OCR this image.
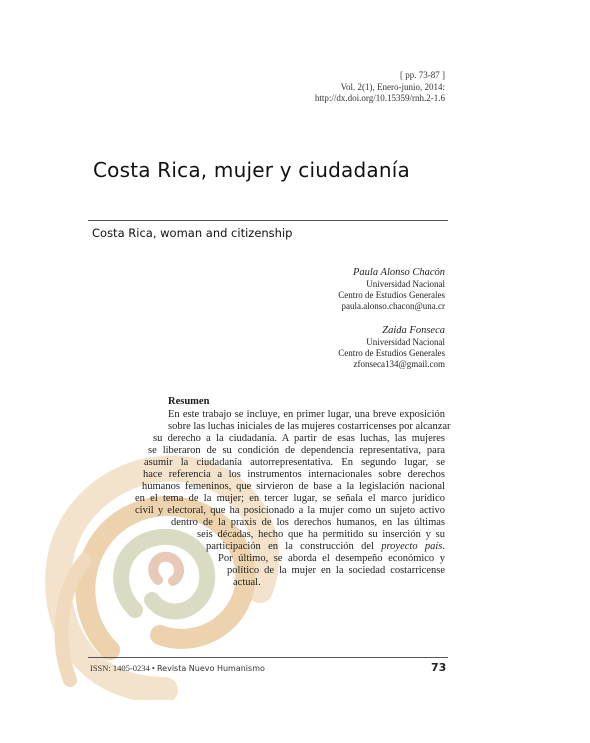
[ pp. 73-87 ]
Vol. 2(1), Enero-junio, 2014:
http://dx.doi.org/10.15359/rnh.2-1.6
Costa Rica, mujer y ciudadanía
Costa Rica, woman and citizenship
Paula Alonso Chacón
Universidad Nacional
Centro de Estudios Generales
paula.alonso.chacon@una.cr
Zaida Fonseca
Universidad Nacional
Centro de Estudios Generales
zfonseca134@gmail.com
Resumen
En este trabajo se incluye, en primer lugar, una breve exposición
sobre las luchas iniciales de las mujeres costarricenses por alcanzar
su derecho a la ciudadanía. A partir de esas luchas, las mujeres
se liberaron de su condición de dependencia representativa, para
asumir la ciudadanía autorrepresentativa. En segundo lugar, se
hace referencia a los instrumentos internacionales sobre derechos
humanos femeninos, que sirvieron de base a la legislación nacional
en el tema de la mujer; en tercer lugar, se señala el marco jurídico
civil y electoral, que ha posicionado a la mujer como un sujeto activo
dentro de la praxis de los derechos humanos, en las últimas
seis décadas, hecho que ha permitido su inserción y su
participación en la construcción del proyecto país.
Por último, se aborda el desempeño económico y
político de la mujer en la sociedad costarricense
actual.
ISSN: 1405-0234 • Revista Nuevo Humanismo	73
